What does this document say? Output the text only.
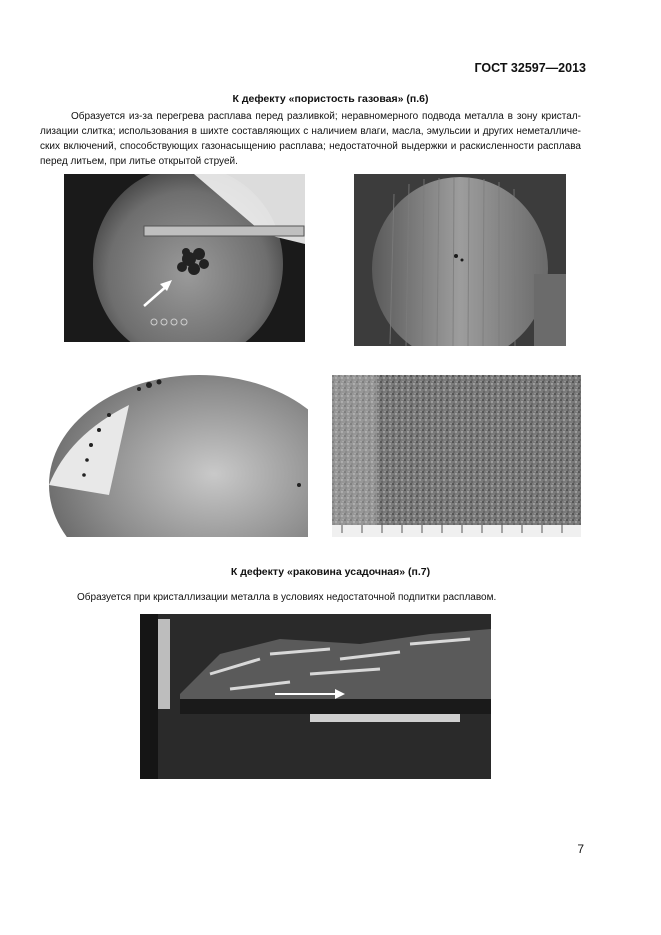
ГОСТ 32597—2013
К дефекту «пористость газовая» (п.6)
Образуется из-за перегрева расплава перед разливкой; неравномерного подвода металла в зону кристал-лизации слитка; использования в шихте составляющих с наличием влаги, масла, эмульсии и других неметалличе-ских включений, способствующих газонасыщению расплава; недостаточной выдержки и раскисленности расплава перед литьем, при литье открытой струей.
К дефекту «раковина усадочная» (п.7)
Образуется при кристаллизации металла в условиях недостаточной подпитки расплавом.
7
